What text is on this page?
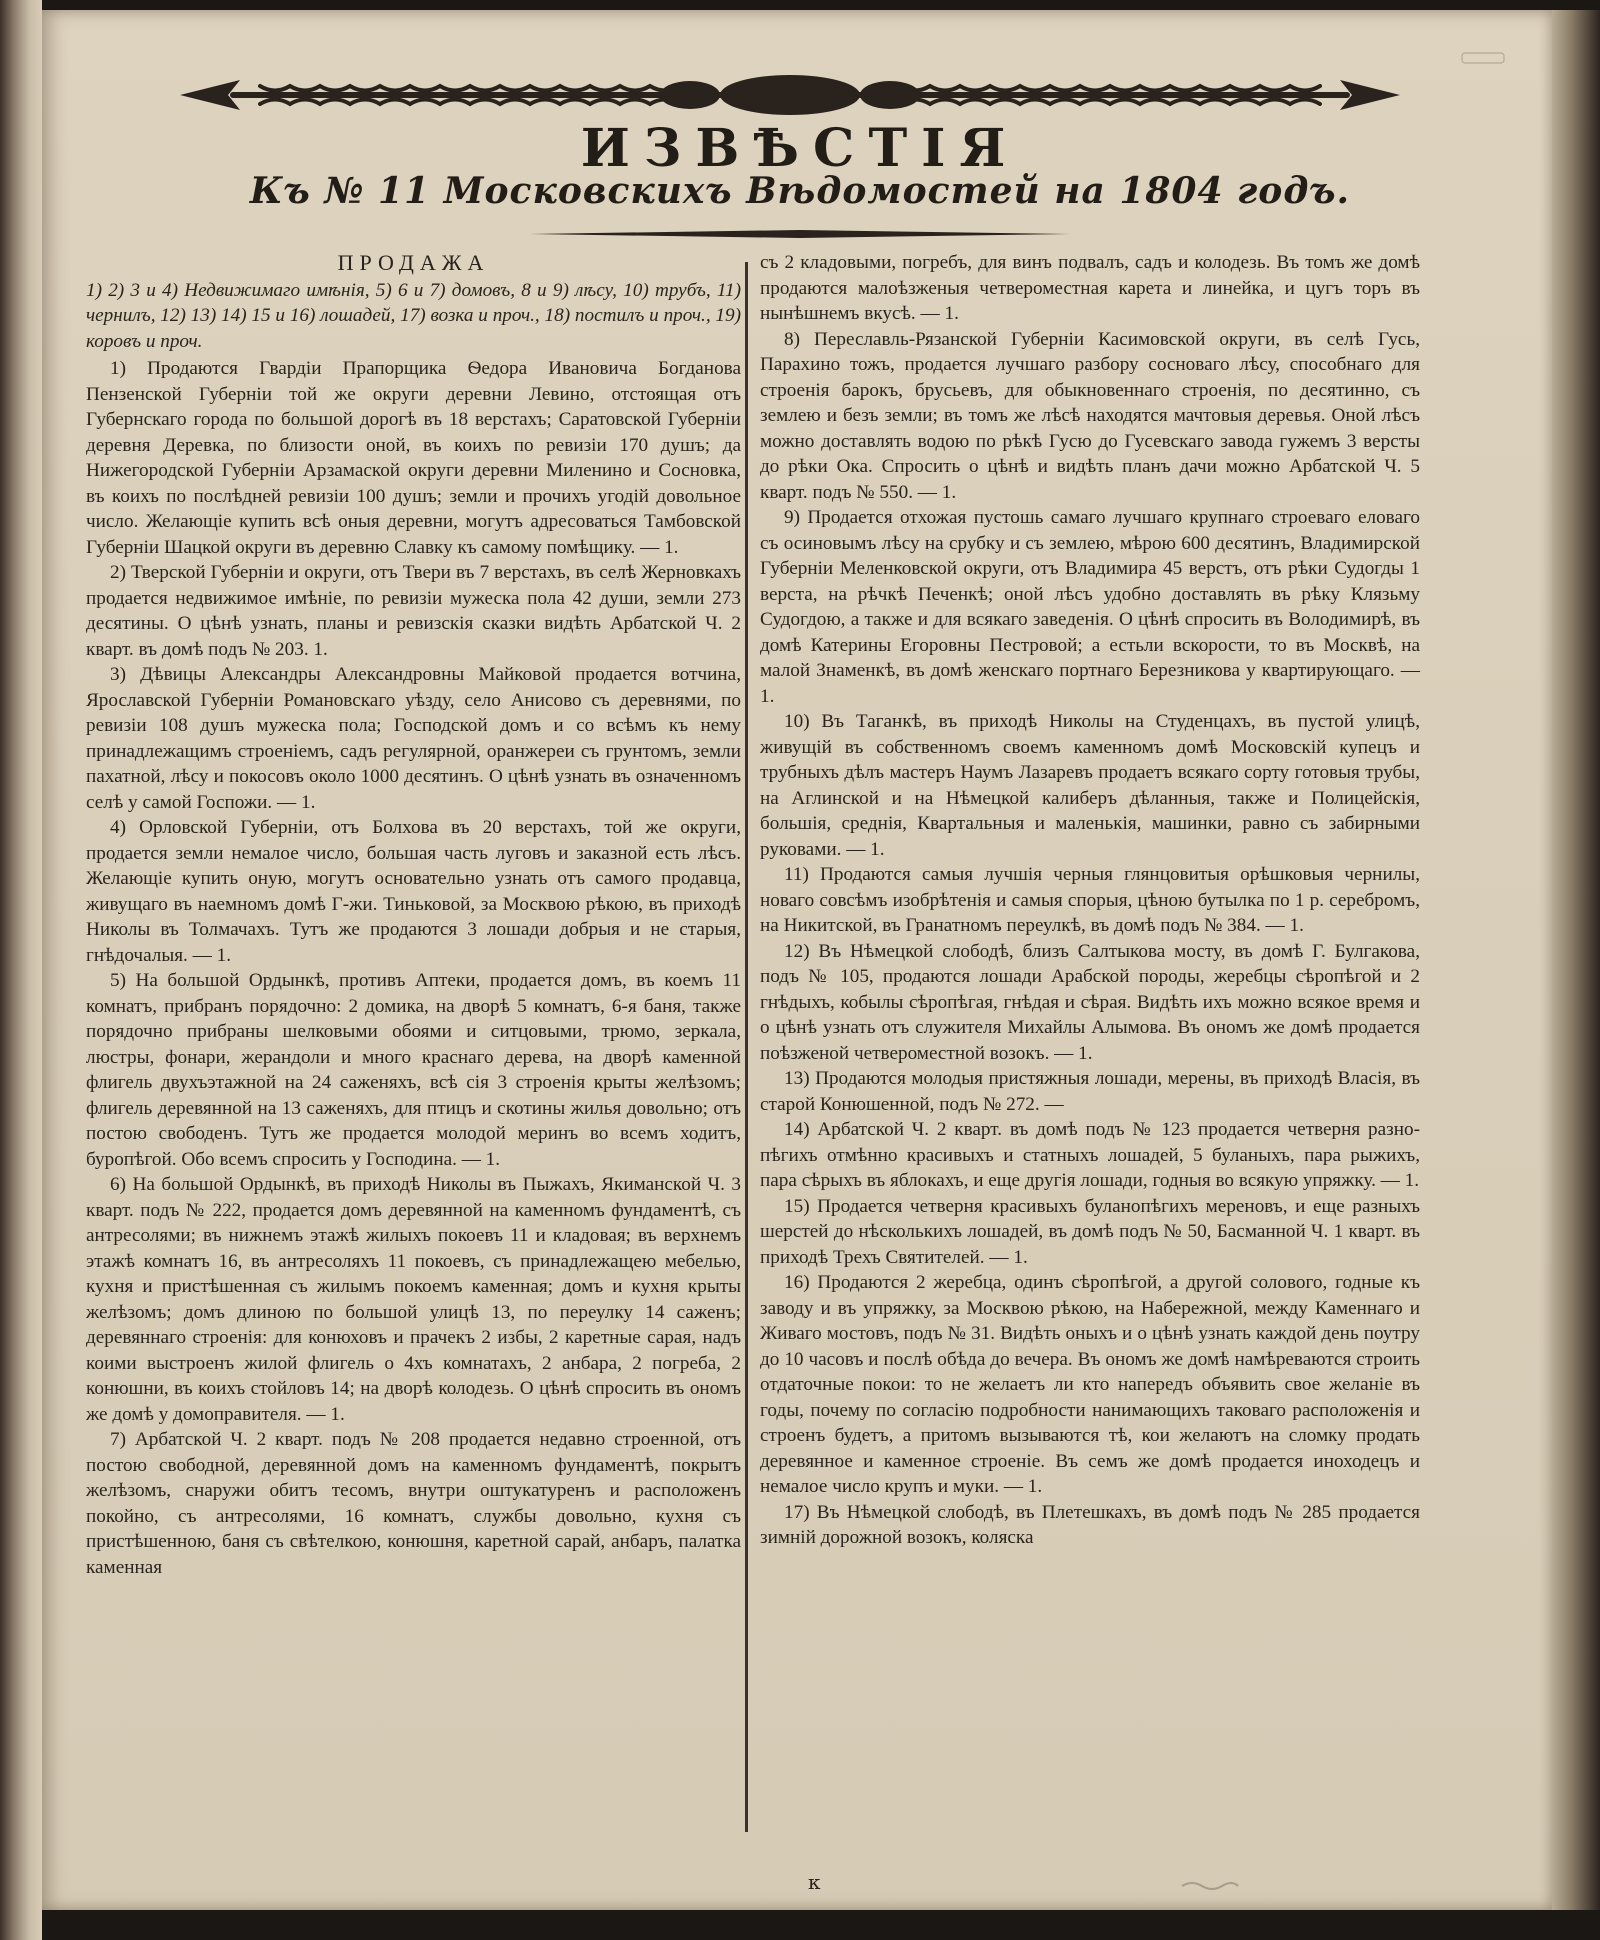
ИЗВѢСТІЯ
Къ № 11 Московскихъ Вѣдомостей на 1804 годъ.
ПРОДАЖА

1) 2) 3 и 4) Недвижимаго имѣнія, 5) 6 и 7) домовъ, 8 и 9) лѣсу, 10) трубъ, 11) чернилъ, 12) 13) 14) 15 и 16) лошадей, 17) возка и проч., 18) постилъ и проч., 19) коровъ и проч.

1) Продаются Гвардіи Прапорщика Ѳедора Ивановича Богданова Пензенской Губерніи той же округи деревни Левино, отстоящая отъ Губернскаго города по большой дорогѣ въ 18 верстахъ; Саратовской Губерніи деревня Деревка, по близости оной, въ коихъ по ревизіи 170 душъ; да Нижегородской Губерніи Арзамаской округи деревни Миленино и Сосновка, въ коихъ по послѣдней ревизіи 100 душъ; земли и прочихъ угодій довольное число. Желающіе купить всѣ оныя деревни, могутъ адресоваться Тамбовской Губерніи Шацкой округи въ деревню Славку къ самому помѣщику. — 1.

2) Тверской Губерніи и округи, отъ Твери въ 7 верстахъ, въ селѣ Жерновкахъ продается недвижимое имѣніе, по ревизіи мужеска пола 42 души, земли 273 десятины. О цѣнѣ узнать, планы и ревизскія сказки видѣть Арбатской Ч. 2 кварт. въ домѣ подъ № 203. 1.

3) Дѣвицы Александры Александровны Майковой продается вотчина, Ярославской Губерніи Романовскаго уѣзду, село Анисово съ деревнями, по ревизіи 108 душъ мужеска пола; Господской домъ и со всѣмъ къ нему принадлежащимъ строеніемъ, садъ регулярной, оранжереи съ грунтомъ, земли пахатной, лѣсу и покосовъ около 1000 десятинъ. О цѣнѣ узнать въ означенномъ селѣ у самой Госпожи. — 1.

4) Орловской Губерніи, отъ Болхова въ 20 верстахъ, той же округи, продается земли немалое число, большая часть луговъ и заказной есть лѣсъ. Желающіе купить оную, могутъ основательно узнать отъ самого продавца, живущаго въ наемномъ домѣ Г-жи. Тиньковой, за Москвою рѣкою, въ приходѣ Николы въ Толмачахъ. Тутъ же продаются 3 лошади добрыя и не старыя, гнѣдочалыя. — 1.

5) На большой Ордынкѣ, противъ Аптеки, продается домъ, въ коемъ 11 комнатъ, прибранъ порядочно: 2 домика, на дворѣ 5 комнатъ, 6-я баня, также порядочно прибраны шелковыми обоями и ситцовыми, трюмо, зеркала, люстры, фонари, жерандоли и много краснаго дерева, на дворѣ каменной флигель двухъэтажной на 24 саженяхъ, всѣ сія 3 строенія крыты желѣзомъ; флигель деревянной на 13 саженяхъ, для птицъ и скотины жилья довольно; отъ постою свободенъ. Тутъ же продается молодой меринъ во всемъ ходитъ, буропѣгой. Обо всемъ спросить у Господина. — 1.

6) На большой Ордынкѣ, въ приходѣ Николы въ Пыжахъ, Якиманской Ч. 3 кварт. подъ № 222, продается домъ деревянной на каменномъ фундаментѣ, съ антресолями; въ нижнемъ этажѣ жилыхъ покоевъ 11 и кладовая; въ верхнемъ этажѣ комнатъ 16, въ антресоляхъ 11 покоевъ, съ принадлежащею мебелью, кухня и пристѣшенная съ жилымъ покоемъ каменная; домъ и кухня крыты желѣзомъ; домъ длиною по большой улицѣ 13, по переулку 14 саженъ; деревяннаго строенія: для конюховъ и прачекъ 2 избы, 2 каретные сарая, надъ коими выстроенъ жилой флигель о 4хъ комнатахъ, 2 анбара, 2 погреба, 2 конюшни, въ коихъ стойловъ 14; на дворѣ колодезь. О цѣнѣ спросить въ ономъ же домѣ у домоправителя. — 1.

7) Арбатской Ч. 2 кварт. подъ № 208 продается недавно строенной, отъ постою свободной, деревянной домъ на каменномъ фундаментѣ, покрытъ желѣзомъ, снаружи обитъ тесомъ, внутри оштукатуренъ и расположенъ покойно, съ антресолями, 16 комнатъ, службы довольно, кухня съ пристѣшенною, баня съ свѣтелкою, конюшня, каретной сарай, анбаръ, палатка каменная

съ 2 кладовыми, погребъ, для винъ подвалъ, садъ и колодезь. Въ томъ же домѣ продаются малоѣзженыя четвероместная карета и линейка, и цугъ торъ въ нынѣшнемъ вкусѣ. — 1.

8) Переславль-Рязанской Губерніи Касимовской округи, въ селѣ Гусь, Парахино тожъ, продается лучшаго разбору сосноваго лѣсу, способнаго для строенія барокъ, брусьевъ, для обыкновеннаго строенія, по десятинно, съ землею и безъ земли; въ томъ же лѣсѣ находятся мачтовыя деревья. Оной лѣсъ можно доставлять водою по рѣкѣ Гусю до Гусевскаго завода гужемъ 3 версты до рѣки Ока. Спросить о цѣнѣ и видѣть планъ дачи можно Арбатской Ч. 5 кварт. подъ № 550. — 1.

9) Продается отхожая пустошь самаго лучшаго крупнаго строеваго еловаго съ осиновымъ лѣсу на срубку и съ землею, мѣрою 600 десятинъ, Владимирской Губерніи Меленковской округи, отъ Владимира 45 верстъ, отъ рѣки Судогды 1 верста, на рѣчкѣ Печенкѣ; оной лѣсъ удобно доставлять въ рѣку Клязьму Судогдою, а также и для всякаго заведенія. О цѣнѣ спросить въ Володимирѣ, въ домѣ Катерины Егоровны Пестровой; а естьли вскорости, то въ Москвѣ, на малой Знаменкѣ, въ домѣ женскаго портнаго Березникова у квартирующаго. — 1.

10) Въ Таганкѣ, въ приходѣ Николы на Студенцахъ, въ пустой улицѣ, живущій въ собственномъ своемъ каменномъ домѣ Московскій купецъ и трубныхъ дѣлъ мастеръ Наумъ Лазаревъ продаетъ всякаго сорту готовыя трубы, на Аглинской и на Нѣмецкой калиберъ дѣланныя, также и Полицейскія, большія, среднія, Квартальныя и маленькія, машинки, равно съ забирными руковами. — 1.

11) Продаются самыя лучшія черныя глянцовитыя орѣшковыя чернилы, новаго совсѣмъ изобрѣтенія и самыя спорыя, цѣною бутылка по 1 р. серебромъ, на Никитской, въ Гранатномъ переулкѣ, въ домѣ подъ № 384. — 1.

12) Въ Нѣмецкой слободѣ, близъ Салтыкова мосту, въ домѣ Г. Булгакова, подъ № 105, продаются лошади Арабской породы, жеребцы сѣропѣгой и 2 гнѣдыхъ, кобылы сѣропѣгая, гнѣдая и сѣрая. Видѣть ихъ можно всякое время и о цѣнѣ узнать отъ служителя Михайлы Алымова. Въ ономъ же домѣ продается поѣзженой четвероместной возокъ. — 1.

13) Продаются молодыя пристяжныя лошади, мерены, въ приходѣ Власія, въ старой Конюшенной, подъ № 272. —

14) Арбатской Ч. 2 кварт. въ домѣ подъ № 123 продается четверня разно-пѣгихъ отмѣнно красивыхъ и статныхъ лошадей, 5 буланыхъ, пара рыжихъ, пара сѣрыхъ въ яблокахъ, и еще другія лошади, годныя во всякую упряжку. — 1.

15) Продается четверня красивыхъ буланопѣгихъ мереновъ, и еще разныхъ шерстей до нѣсколькихъ лошадей, въ домѣ подъ № 50, Басманной Ч. 1 кварт. въ приходѣ Трехъ Святителей. — 1.

16) Продаются 2 жеребца, одинъ сѣропѣгой, а другой солового, годные къ заводу и въ упряжку, за Москвою рѣкою, на Набережной, между Каменнаго и Живаго мостовъ, подъ № 31. Видѣть оныхъ и о цѣнѣ узнать каждой день поутру до 10 часовъ и послѣ обѣда до вечера. Въ ономъ же домѣ намѣреваются строить отдаточные покои: то не желаетъ ли кто напередъ объявить свое желаніе въ годы, почему по согласію подробности нанимающихъ таковаго расположенія и строенъ будетъ, а притомъ вызываются тѣ, кои желаютъ на сломку продать деревянное и каменное строеніе. Въ семъ же домѣ продается иноходецъ и немалое число крупъ и муки. — 1.

17) Въ Нѣмецкой слободѣ, въ Плетешкахъ, въ домѣ подъ № 285 продается зимній дорожной возокъ, коляска

к
